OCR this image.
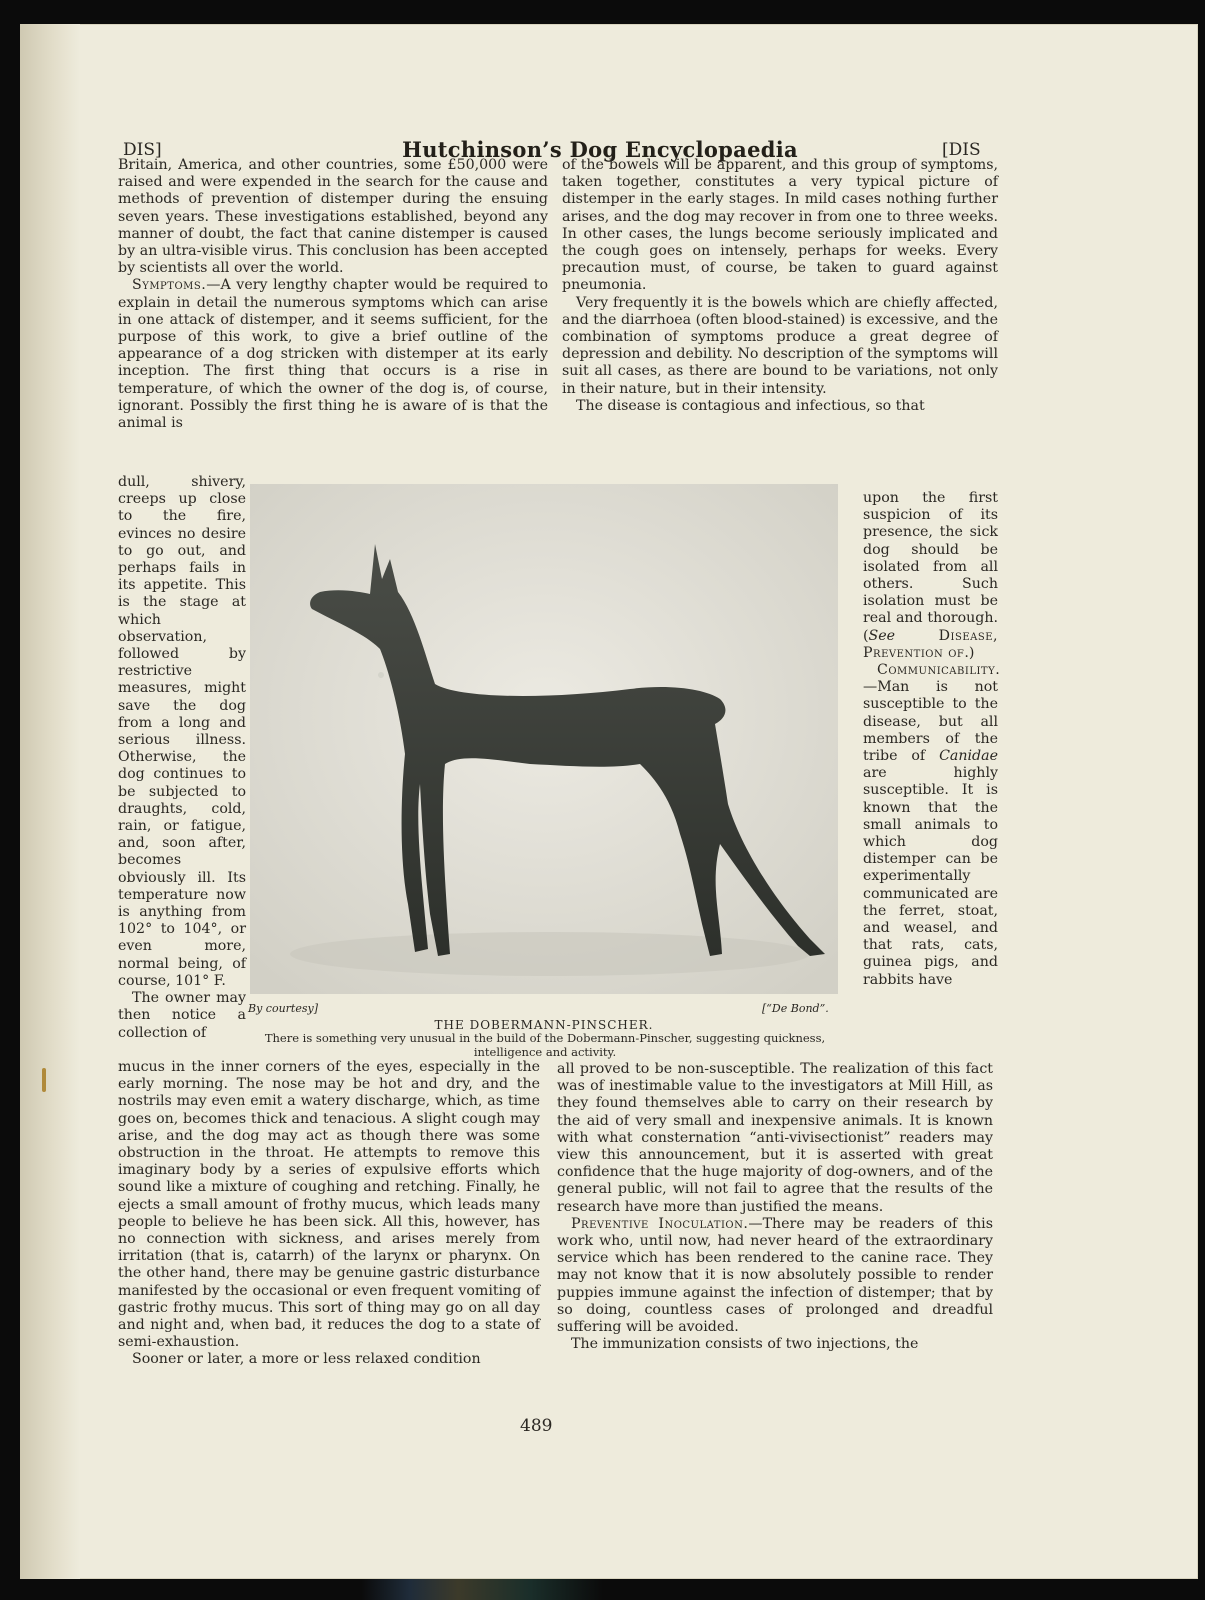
DIS]	Hutchinson’s Dog Encyclopaedia	[DIS

Britain, America, and other countries, some £50,000 were raised and were expended in the search for the cause and methods of prevention of distemper during the ensuing seven years. These investigations established, beyond any manner of doubt, the fact that canine distemper is caused by an ultra-visible virus. This conclusion has been accepted by scientists all over the world.

Symptoms.—A very lengthy chapter would be required to explain in detail the numerous symptoms which can arise in one attack of distemper, and it seems sufficient, for the purpose of this work, to give a brief outline of the appearance of a dog stricken with distemper at its early inception. The first thing that occurs is a rise in temperature, of which the owner of the dog is, of course, ignorant. Possibly the first thing he is aware of is that the animal is

dull, shivery, creeps up close to the fire, evinces no desire to go out, and perhaps fails in its appetite. This is the stage at which observation, followed by restrictive measures, might save the dog from a long and serious illness. Otherwise, the dog continues to be subjected to draughts, cold, rain, or fatigue, and, soon after, becomes obviously ill. Its temperature now is anything from 102° to 104°, or even more, normal being, of course, 101° F.

The owner may then notice a collection of

By courtesy]	[“De Bond”.
THE DOBERMANN-PINSCHER.
There is something very unusual in the build of the Dobermann-Pinscher, suggesting quickness, intelligence and activity.

mucus in the inner corners of the eyes, especially in the early morning. The nose may be hot and dry, and the nostrils may even emit a watery discharge, which, as time goes on, becomes thick and tenacious. A slight cough may arise, and the dog may act as though there was some obstruction in the throat. He attempts to remove this imaginary body by a series of expulsive efforts which sound like a mixture of coughing and retching. Finally, he ejects a small amount of frothy mucus, which leads many people to believe he has been sick. All this, however, has no connection with sickness, and arises merely from irritation (that is, catarrh) of the larynx or pharynx. On the other hand, there may be genuine gastric disturbance manifested by the occasional or even frequent vomiting of gastric frothy mucus. This sort of thing may go on all day and night and, when bad, it reduces the dog to a state of semi-exhaustion.

Sooner or later, a more or less relaxed condition

of the bowels will be apparent, and this group of symptoms, taken together, constitutes a very typical picture of distemper in the early stages. In mild cases nothing further arises, and the dog may recover in from one to three weeks. In other cases, the lungs become seriously implicated and the cough goes on intensely, perhaps for weeks. Every precaution must, of course, be taken to guard against pneumonia.

Very frequently it is the bowels which are chiefly affected, and the diarrhoea (often blood-stained) is excessive, and the combination of symptoms produce a great degree of depression and debility. No description of the symptoms will suit all cases, as there are bound to be variations, not only in their nature, but in their intensity.

The disease is contagious and infectious, so that

upon the first suspicion of its presence, the sick dog should be isolated from all others. Such isolation must be real and thorough. (See	Disease, Prevention of.)

Communicability.—Man is not susceptible to the disease, but all members of the tribe of Canidae are highly susceptible. It is known that the small animals to which dog distemper can be experimentally communicated are the ferret, stoat, and weasel, and that rats, cats, guinea pigs, and rabbits have

all proved to be non-susceptible. The realization of this fact was of inestimable value to the investigators at Mill Hill, as they found themselves able to carry on their research by the aid of very small and inexpensive animals. It is known with what consternation “anti-vivisectionist” readers may view this announcement, but it is asserted with great confidence that the huge majority of dog-owners, and of the general public, will not fail to agree that the results of the research have more than justified the means.

Preventive Inoculation.—There may be readers of this work who, until now, had never heard of the extraordinary service which has been rendered to the canine race. They may not know that it is now absolutely possible to render puppies immune against the infection of distemper; that by so doing, countless cases of prolonged and dreadful suffering will be avoided.

The immunization consists of two injections, the

489
